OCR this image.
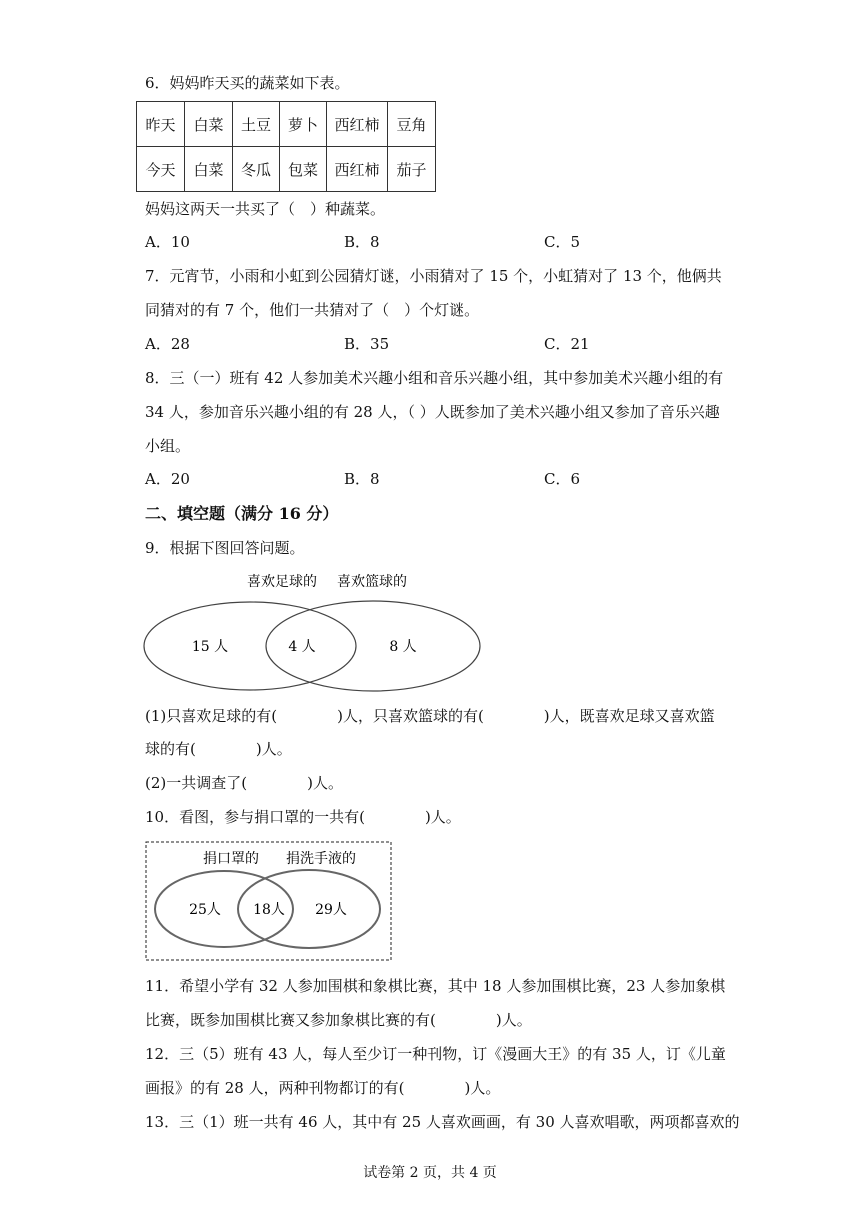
6．妈妈昨天买的蔬菜如下表。
昨天	白菜	土豆	萝卜	西红柿	豆角
今天	白菜	冬瓜	包菜	西红柿	茄子
妈妈这两天一共买了（　）种蔬菜。
A．10	B．8	C．5
7．元宵节，小雨和小虹到公园猜灯谜，小雨猜对了 15 个，小虹猜对了 13 个，他俩共
同猜对的有 7 个，他们一共猜对了（　）个灯谜。
A．28	B．35	C．21
8．三（一）班有 42 人参加美术兴趣小组和音乐兴趣小组，其中参加美术兴趣小组的有
34 人，参加音乐兴趣小组的有 28 人，（ ）人既参加了美术兴趣小组又参加了音乐兴趣
小组。
A．20	B．8	C．6
二、填空题（满分 16 分）
9．根据下图回答问题。
喜欢足球的 喜欢篮球的
15 人	4 人	8 人
(1)只喜欢足球的有(　　　　)人，只喜欢篮球的有(　　　　)人，既喜欢足球又喜欢篮
球的有(　　　　)人。
(2)一共调查了(　　　　)人。
10．看图，参与捐口罩的一共有(　　　　)人。
捐口罩的 捐洗手液的
25人 18人 29人
11．希望小学有 32 人参加围棋和象棋比赛，其中 18 人参加围棋比赛，23 人参加象棋
比赛，既参加围棋比赛又参加象棋比赛的有(　　　　)人。
12．三（5）班有 43 人，每人至少订一种刊物，订《漫画大王》的有 35 人，订《儿童
画报》的有 28 人，两种刊物都订的有(　　　　)人。
13．三（1）班一共有 46 人，其中有 25 人喜欢画画，有 30 人喜欢唱歌，两项都喜欢的
试卷第 2 页，共 4 页
